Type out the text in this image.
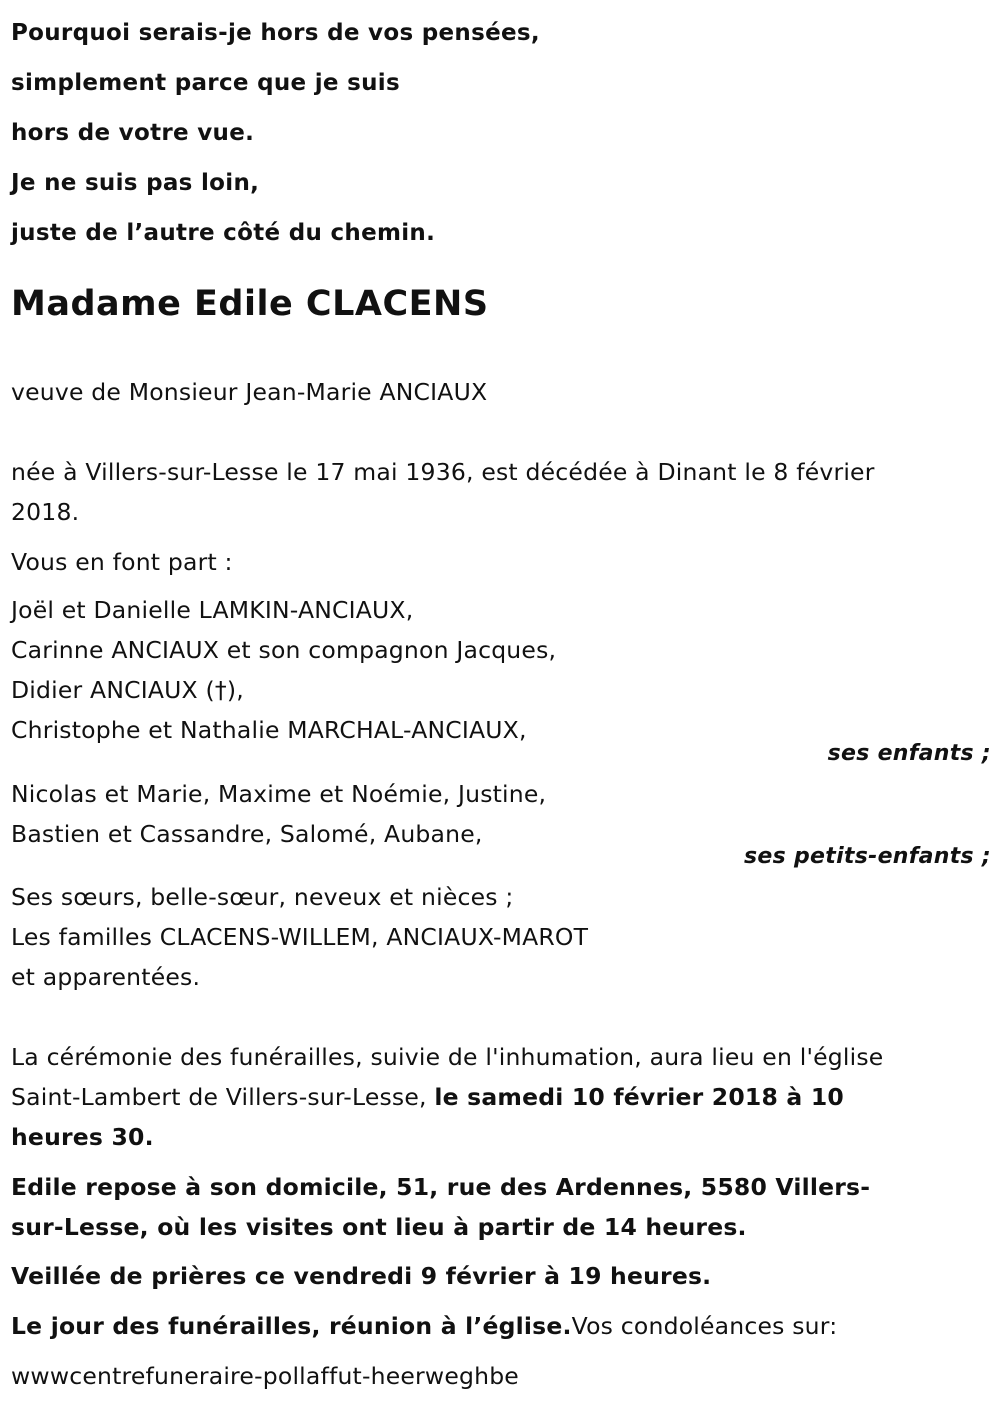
Pourquoi serais-je hors de vos pensées,
simplement parce que je suis
hors de votre vue.
Je ne suis pas loin,
juste de l’autre côté du chemin.
Madame Edile CLACENS
veuve de Monsieur Jean-Marie ANCIAUX
née à Villers-sur-Lesse le 17 mai 1936, est décédée à Dinant le 8 février
2018.
Vous en font part :
Joël et Danielle LAMKIN-ANCIAUX,
Carinne ANCIAUX et son compagnon Jacques,
Didier ANCIAUX (†),
Christophe et Nathalie MARCHAL-ANCIAUX,
ses enfants ;
Nicolas et Marie, Maxime et Noémie, Justine,
Bastien et Cassandre, Salomé, Aubane,
ses petits-enfants ;
Ses sœurs, belle-sœur, neveux et nièces ;
Les familles CLACENS-WILLEM, ANCIAUX-MAROT
et apparentées.
La cérémonie des funérailles, suivie de l'inhumation, aura lieu en l'église
Saint-Lambert de Villers-sur-Lesse, le samedi 10 février 2018 à 10
heures 30.
Edile repose à son domicile, 51, rue des Ardennes, 5580 Villers-
sur-Lesse, où les visites ont lieu à partir de 14 heures.
Veillée de prières ce vendredi 9 février à 19 heures.
Le jour des funérailles, réunion à l’église.Vos condoléances sur:
wwwcentrefuneraire-pollaffut-heerweghbe
